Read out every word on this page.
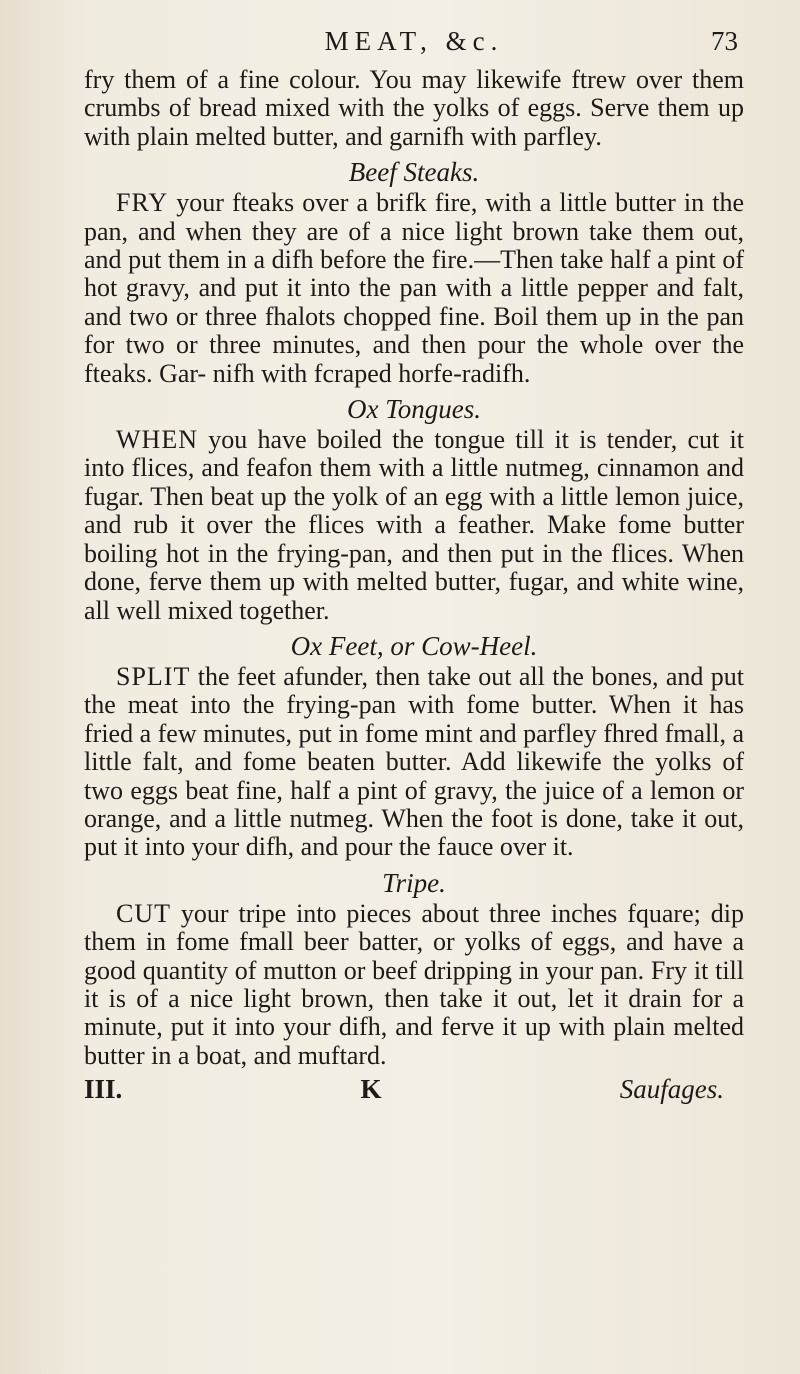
MEAT, &c.	73

fry them of a fine colour. You may likewife ftrew over them crumbs of bread mixed with the yolks of eggs. Serve them up with plain melted butter, and garnifh with parfley.

Beef Steaks.

FRY your fteaks over a brifk fire, with a little butter in the pan, and when they are of a nice light brown take them out, and put them in a difh before the fire.—Then take half a pint of hot gravy, and put it into the pan with a little pepper and falt, and two or three fhalots chopped fine. Boil them up in the pan for two or three minutes, and then pour the whole over the fteaks. Gar- nifh with fcraped horfe-radifh.

Ox Tongues.

WHEN you have boiled the tongue till it is tender, cut it into flices, and feafon them with a little nutmeg, cinnamon and fugar. Then beat up the yolk of an egg with a little lemon juice, and rub it over the flices with a feather. Make fome butter boiling hot in the frying-pan, and then put in the flices. When done, ferve them up with melted butter, fugar, and white wine, all well mixed together.

Ox Feet, or Cow-Heel.

SPLIT the feet afunder, then take out all the bones, and put the meat into the frying-pan with fome butter. When it has fried a few minutes, put in fome mint and parfley fhred fmall, a little falt, and fome beaten butter. Add likewife the yolks of two eggs beat fine, half a pint of gravy, the juice of a lemon or orange, and a little nutmeg. When the foot is done, take it out, put it into your difh, and pour the fauce over it.

Tripe.

CUT your tripe into pieces about three inches fquare; dip them in fome fmall beer batter, or yolks of eggs, and have a good quantity of mutton or beef dripping in your pan. Fry it till it is of a nice light brown, then take it out, let it drain for a minute, put it into your difh, and ferve it up with plain melted butter in a boat, and muftard.

III.	K	Saufages.
